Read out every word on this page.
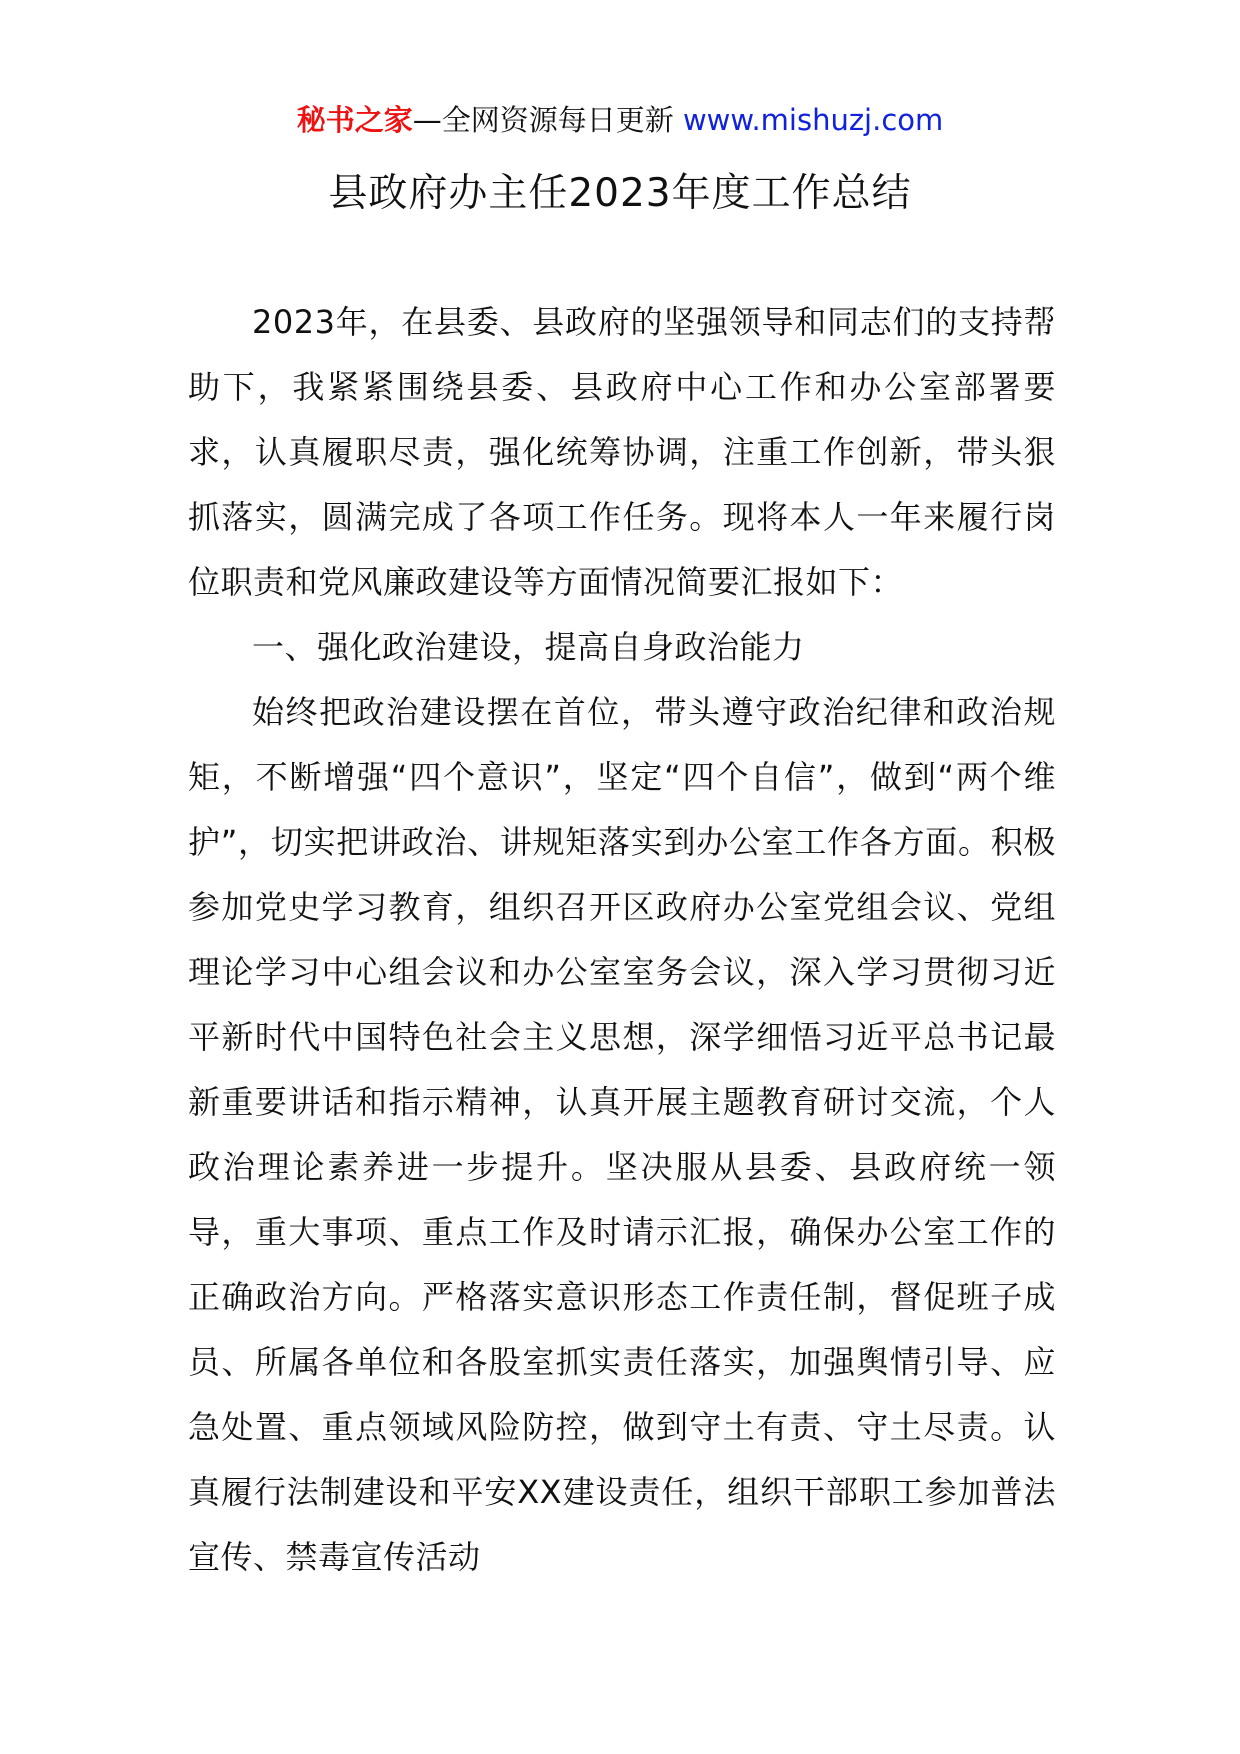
秘书之家—全网资源每日更新 www.mishuzj.com
县政府办主任2023年度工作总结

2023年，在县委、县政府的坚强领导和同志们的支持帮助下，我紧紧围绕县委、县政府中心工作和办公室部署要求，认真履职尽责，强化统筹协调，注重工作创新，带头狠抓落实，圆满完成了各项工作任务。现将本人一年来履行岗位职责和党风廉政建设等方面情况简要汇报如下：

一、强化政治建设，提高自身政治能力

始终把政治建设摆在首位，带头遵守政治纪律和政治规矩，不断增强“四个意识”，坚定“四个自信”，做到“两个维护”，切实把讲政治、讲规矩落实到办公室工作各方面。积极参加党史学习教育，组织召开区政府办公室党组会议、党组理论学习中心组会议和办公室室务会议，深入学习贯彻习近平新时代中国特色社会主义思想，深学细悟习近平总书记最新重要讲话和指示精神，认真开展主题教育研讨交流，个人政治理论素养进一步提升。坚决服从县委、县政府统一领导，重大事项、重点工作及时请示汇报，确保办公室工作的正确政治方向。严格落实意识形态工作责任制，督促班子成员、所属各单位和各股室抓实责任落实，加强舆情引导、应急处置、重点领域风险防控，做到守土有责、守土尽责。认真履行法制建设和平安XX建设责任，组织干部职工参加普法宣传、禁毒宣传活动
